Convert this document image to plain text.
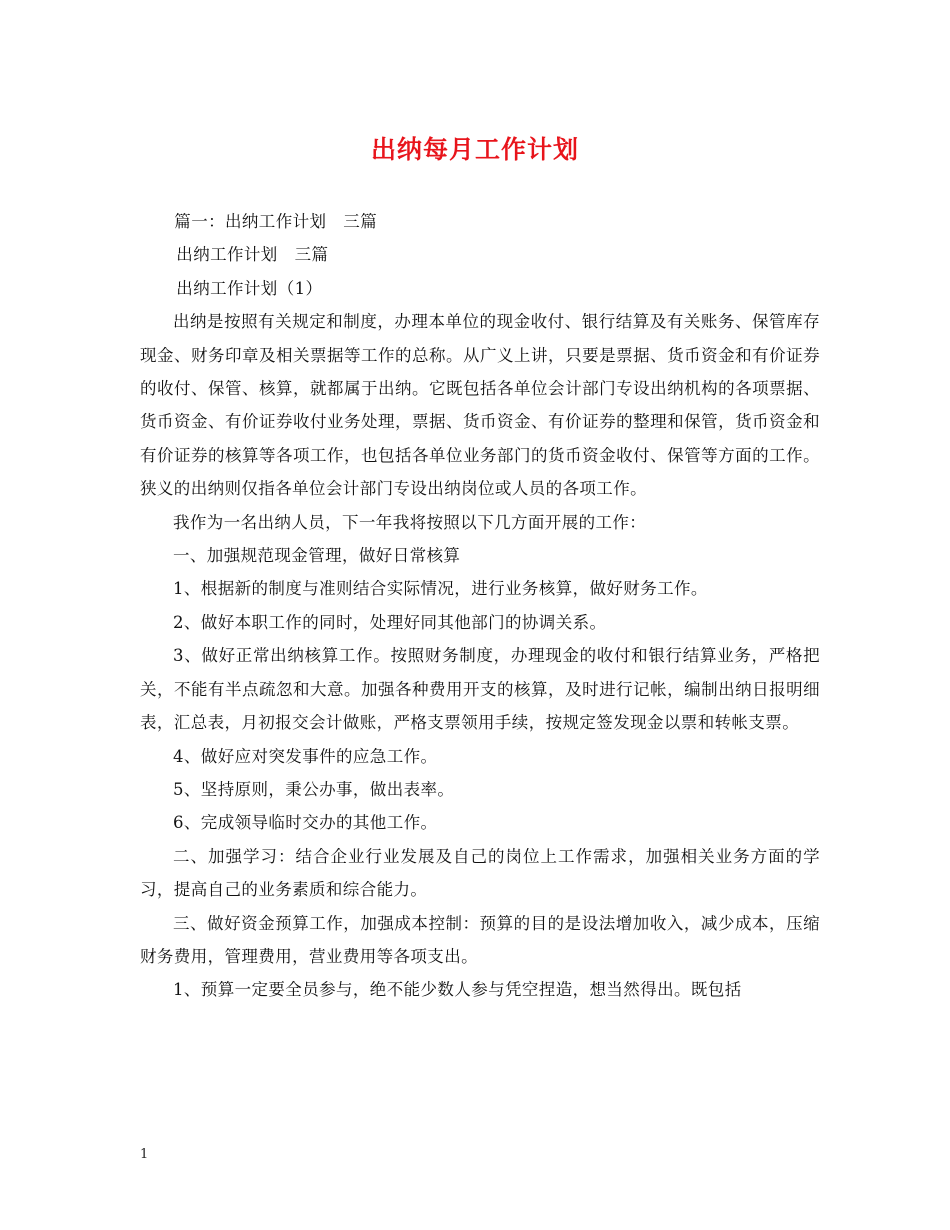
出纳每月工作计划

篇一：出纳工作计划　三篇

出纳工作计划　三篇

出纳工作计划（1）

出纳是按照有关规定和制度，办理本单位的现金收付、银行结算及有关账务、保管库存现金、财务印章及相关票据等工作的总称。从广义上讲，只要是票据、货币资金和有价证券的收付、保管、核算，就都属于出纳。它既包括各单位会计部门专设出纳机构的各项票据、货币资金、有价证券收付业务处理，票据、货币资金、有价证券的整理和保管，货币资金和有价证券的核算等各项工作，也包括各单位业务部门的货币资金收付、保管等方面的工作。狭义的出纳则仅指各单位会计部门专设出纳岗位或人员的各项工作。

我作为一名出纳人员，下一年我将按照以下几方面开展的工作：

一、加强规范现金管理，做好日常核算

1、根据新的制度与准则结合实际情况，进行业务核算，做好财务工作。

2、做好本职工作的同时，处理好同其他部门的协调关系。

3、做好正常出纳核算工作。按照财务制度，办理现金的收付和银行结算业务，严格把关，不能有半点疏忽和大意。加强各种费用开支的核算，及时进行记帐，编制出纳日报明细表，汇总表，月初报交会计做账，严格支票领用手续，按规定签发现金以票和转帐支票。

4、做好应对突发事件的应急工作。

5、坚持原则，秉公办事，做出表率。

6、完成领导临时交办的其他工作。

二、加强学习：结合企业行业发展及自己的岗位上工作需求，加强相关业务方面的学习，提高自己的业务素质和综合能力。

三、做好资金预算工作，加强成本控制：预算的目的是设法增加收入，减少成本，压缩财务费用，管理费用，营业费用等各项支出。

1、预算一定要全员参与，绝不能少数人参与凭空捏造，想当然得出。既包括

1
